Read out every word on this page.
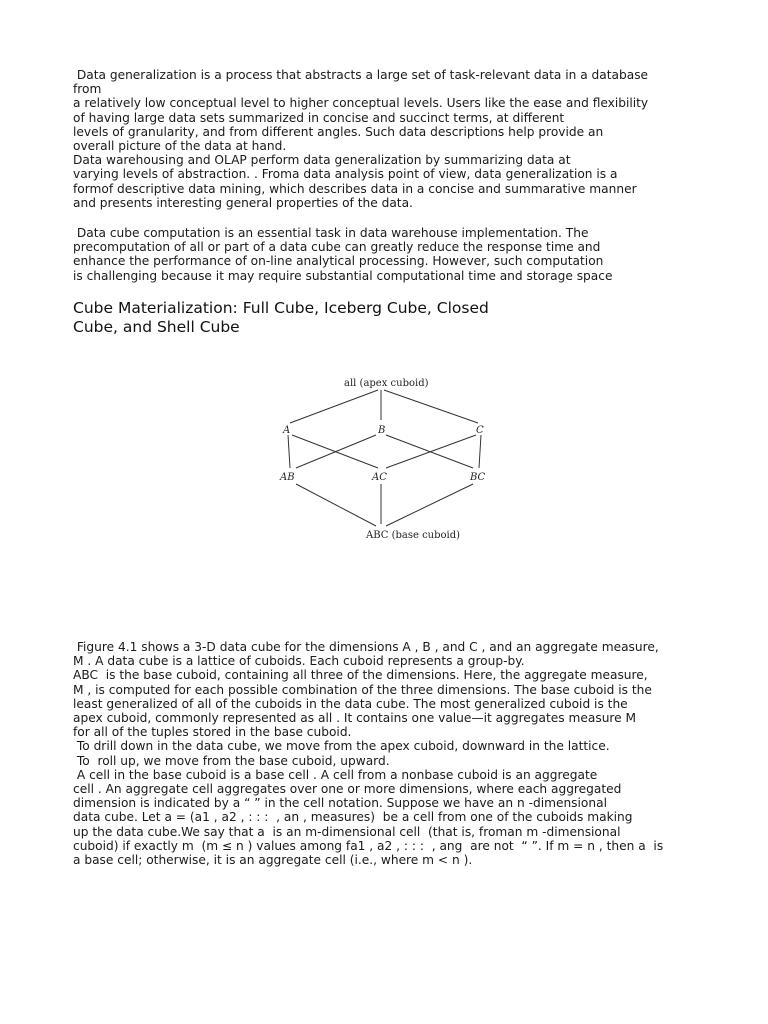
Data generalization is a process that abstracts a large set of task-relevant data in a database
from
a relatively low conceptual level to higher conceptual levels. Users like the ease and flexibility
of having large data sets summarized in concise and succinct terms, at different
levels of granularity, and from different angles. Such data descriptions help provide an
overall picture of the data at hand.
Data warehousing and OLAP perform data generalization by summarizing data at
varying levels of abstraction. . Froma data analysis point of view, data generalization is a
formof descriptive data mining, which describes data in a concise and summarative manner
and presents interesting general properties of the data.
Data cube computation is an essential task in data warehouse implementation. The
precomputation of all or part of a data cube can greatly reduce the response time and
enhance the performance of on-line analytical processing. However, such computation
is challenging because it may require substantial computational time and storage space
Cube Materialization: Full Cube, Iceberg Cube, Closed
Cube, and Shell Cube
all (apex cuboid)
A	B	C
AB	AC	BC
ABC (base cuboid)
Figure 4.1 shows a 3-D data cube for the dimensions A , B , and C , and an aggregate measure,
M . A data cube is a lattice of cuboids. Each cuboid represents a group-by.
ABC  is the base cuboid, containing all three of the dimensions. Here, the aggregate measure,
M , is computed for each possible combination of the three dimensions. The base cuboid is the
least generalized of all of the cuboids in the data cube. The most generalized cuboid is the
apex cuboid, commonly represented as all . It contains one value—it aggregates measure M
for all of the tuples stored in the base cuboid.
To drill down in the data cube, we move from the apex cuboid, downward in the lattice.
To  roll up, we move from the base cuboid, upward.
A cell in the base cuboid is a base cell . A cell from a nonbase cuboid is an aggregate
cell . An aggregate cell aggregates over one or more dimensions, where each aggregated
dimension is indicated by a “ ” in the cell notation. Suppose we have an n -dimensional
data cube. Let a = (a1 , a2 , : : :  , an , measures)  be a cell from one of the cuboids making
up the data cube.We say that a  is an m-dimensional cell  (that is, froman m -dimensional
cuboid) if exactly m  (m ≤ n ) values among fa1 , a2 , : : :  , ang  are not  “ ”. If m = n , then a  is
a base cell; otherwise, it is an aggregate cell (i.e., where m < n ).
